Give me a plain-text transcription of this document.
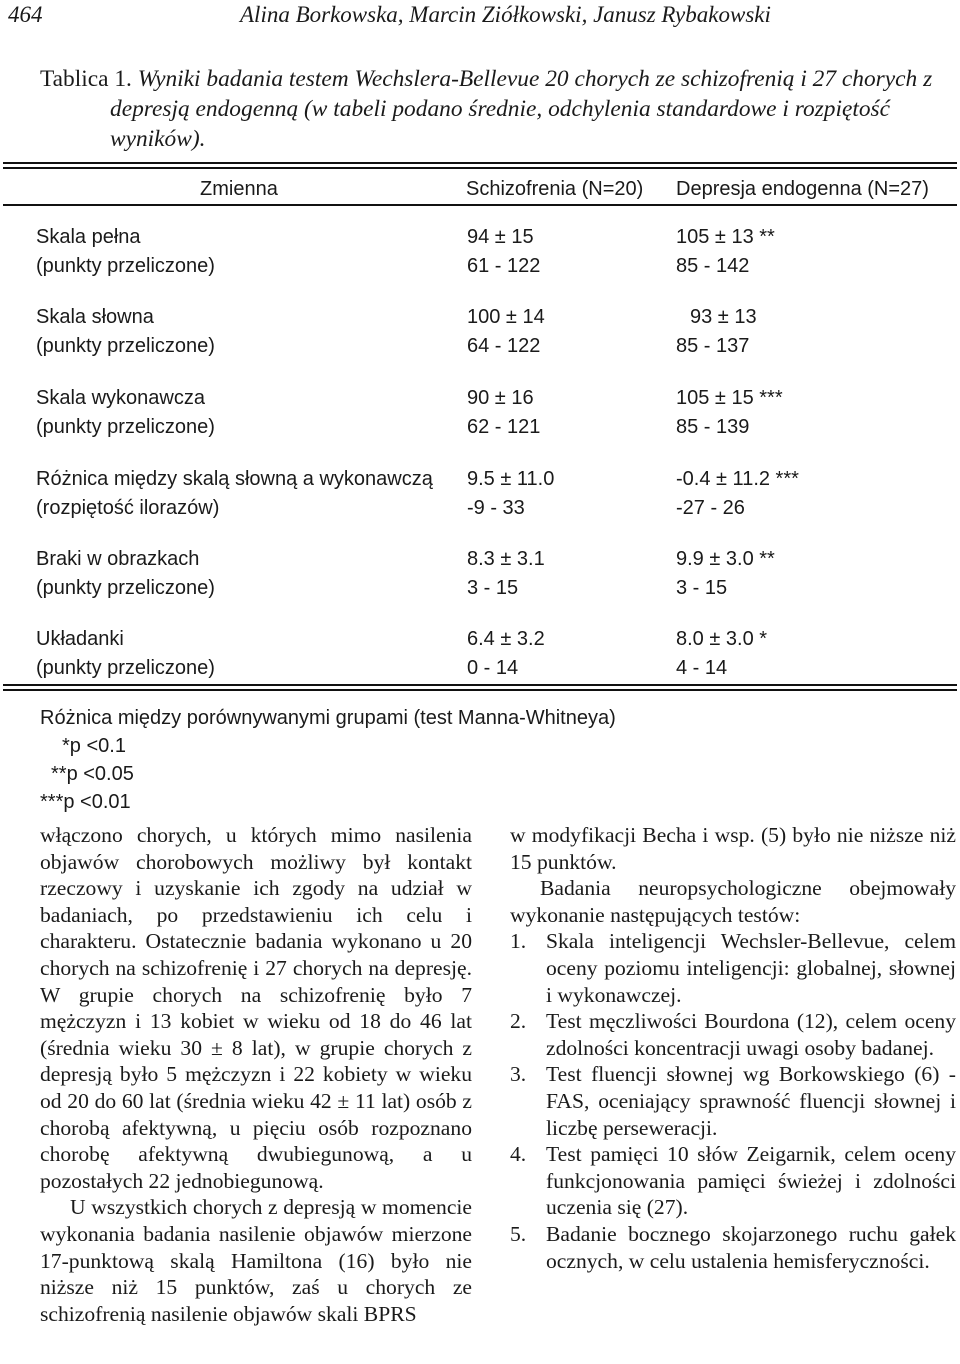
464	Alina Borkowska, Marcin Ziółkowski, Janusz Rybakowski
Tablica 1. Wyniki badania testem Wechslera-Bellevue 20 chorych ze schizofrenią i 27 chorych z
depresją endogenną (w tabeli podano średnie, odchylenia standardowe i rozpiętość
wyników).
Zmienna	Schizofrenia (N=20) Depresja endogenna (N=27)
Skala pełna
(punkty przeliczone)
94 ± 15
61 - 122
105 ± 13 **
85 - 142
Skala słowna
(punkty przeliczone)
100 ± 14
64 - 122
93 ± 13
85 - 137
Skala wykonawcza
(punkty przeliczone)
90 ± 16
62 - 121
105 ± 15 ***
85 - 139
Różnica między skalą słowną a wykonawczą
(rozpiętość ilorazów)
9.5 ± 11.0
-9 - 33
-0.4 ± 11.2 ***
-27 - 26
Braki w obrazkach
(punkty przeliczone)
8.3 ± 3.1
3 - 15
9.9 ± 3.0 **
3 - 15
Układanki
(punkty przeliczone)
6.4 ± 3.2
0 - 14
8.0 ± 3.0 *
4 - 14
Różnica między porównywanymi grupami (test Manna-Whitneya)
*p <0.1
**p <0.05
***p <0.01

włączono chorych, u których mimo nasilenia objawów chorobowych możliwy był kontakt rzeczowy i uzyskanie ich zgody na udział w badaniach, po przedstawieniu ich celu i charakteru. Ostatecznie badania wykonano u 20 chorych na schizofrenię i 27 chorych na depresję. W grupie chorych na schizofrenię było 7 mężczyzn i 13 kobiet w wieku od 18 do 46 lat (średnia wieku 30 ± 8 lat), w grupie chorych z depresją było 5 mężczyzn i 22 kobiety w wieku od 20 do 60 lat (średnia wieku 42 ± 11 lat) osób z chorobą afektywną, u pięciu osób rozpoznano chorobę afektywną dwubiegunową, a u pozostałych 22 jednobiegunową.

U wszystkich chorych z depresją w momencie wykonania badania nasilenie objawów mierzone 17-punktową skalą Hamiltona (16) było nie niższe niż 15 punktów, zaś u chorych ze schizofrenią nasilenie objawów skali BPRS

w modyfikacji Becha i wsp. (5) było nie niższe niż 15 punktów.

Badania neuropsychologiczne obejmowały wykonanie następujących testów:

1. Skala inteligencji Wechsler-Bellevue, celem oceny poziomu inteligencji: globalnej, słownej i wykonawczej.
2. Test męczliwości Bourdona (12), celem oceny zdolności koncentracji uwagi osoby badanej.
3. Test fluencji słownej wg Borkowskiego (6) - FAS, oceniający sprawność fluencji słownej i liczbę perseweracji.
4. Test pamięci 10 słów Zeigarnik, celem oceny funkcjonowania pamięci świeżej i zdolności uczenia się (27).
5. Badanie bocznego skojarzonego ruchu gałek ocznych, w celu ustalenia hemisferyczności.
